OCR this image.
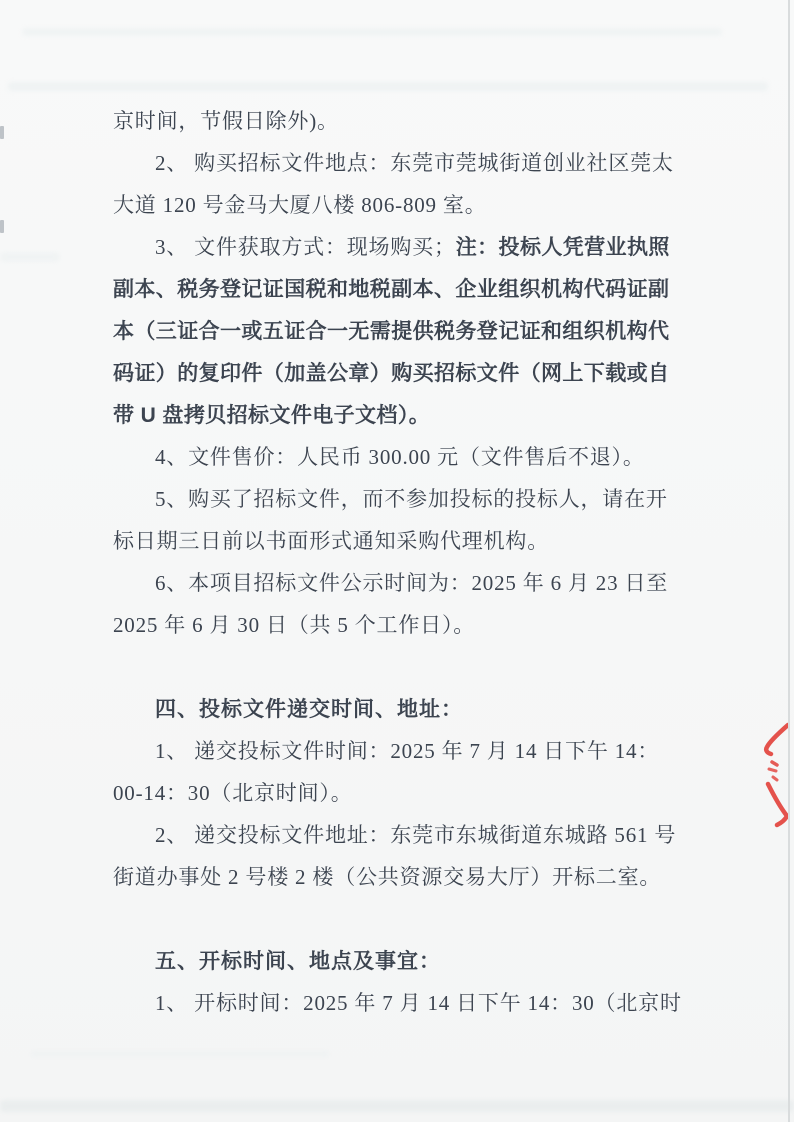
京时间，节假日除外)。
2、 购买招标文件地点：东莞市莞城街道创业社区莞太
大道 120 号金马大厦八楼 806-809 室。
3、 文件获取方式：现场购买；注：投标人凭营业执照
副本、税务登记证国税和地税副本、企业组织机构代码证副
本（三证合一或五证合一无需提供税务登记证和组织机构代
码证）的复印件（加盖公章）购买招标文件（网上下载或自
带 U 盘拷贝招标文件电子文档）。
4、文件售价：人民币 300.00 元（文件售后不退）。
5、购买了招标文件，而不参加投标的投标人，请在开
标日期三日前以书面形式通知采购代理机构。
6、本项目招标文件公示时间为：2025 年 6 月 23 日至
2025 年 6 月 30 日（共 5 个工作日）。
四、投标文件递交时间、地址：
1、 递交投标文件时间：2025 年 7 月 14 日下午 14：
00-14：30（北京时间）。
2、 递交投标文件地址：东莞市东城街道东城路 561 号
街道办事处 2 号楼 2 楼（公共资源交易大厅）开标二室。
五、开标时间、地点及事宜：
1、 开标时间：2025 年 7 月 14 日下午 14：30（北京时
